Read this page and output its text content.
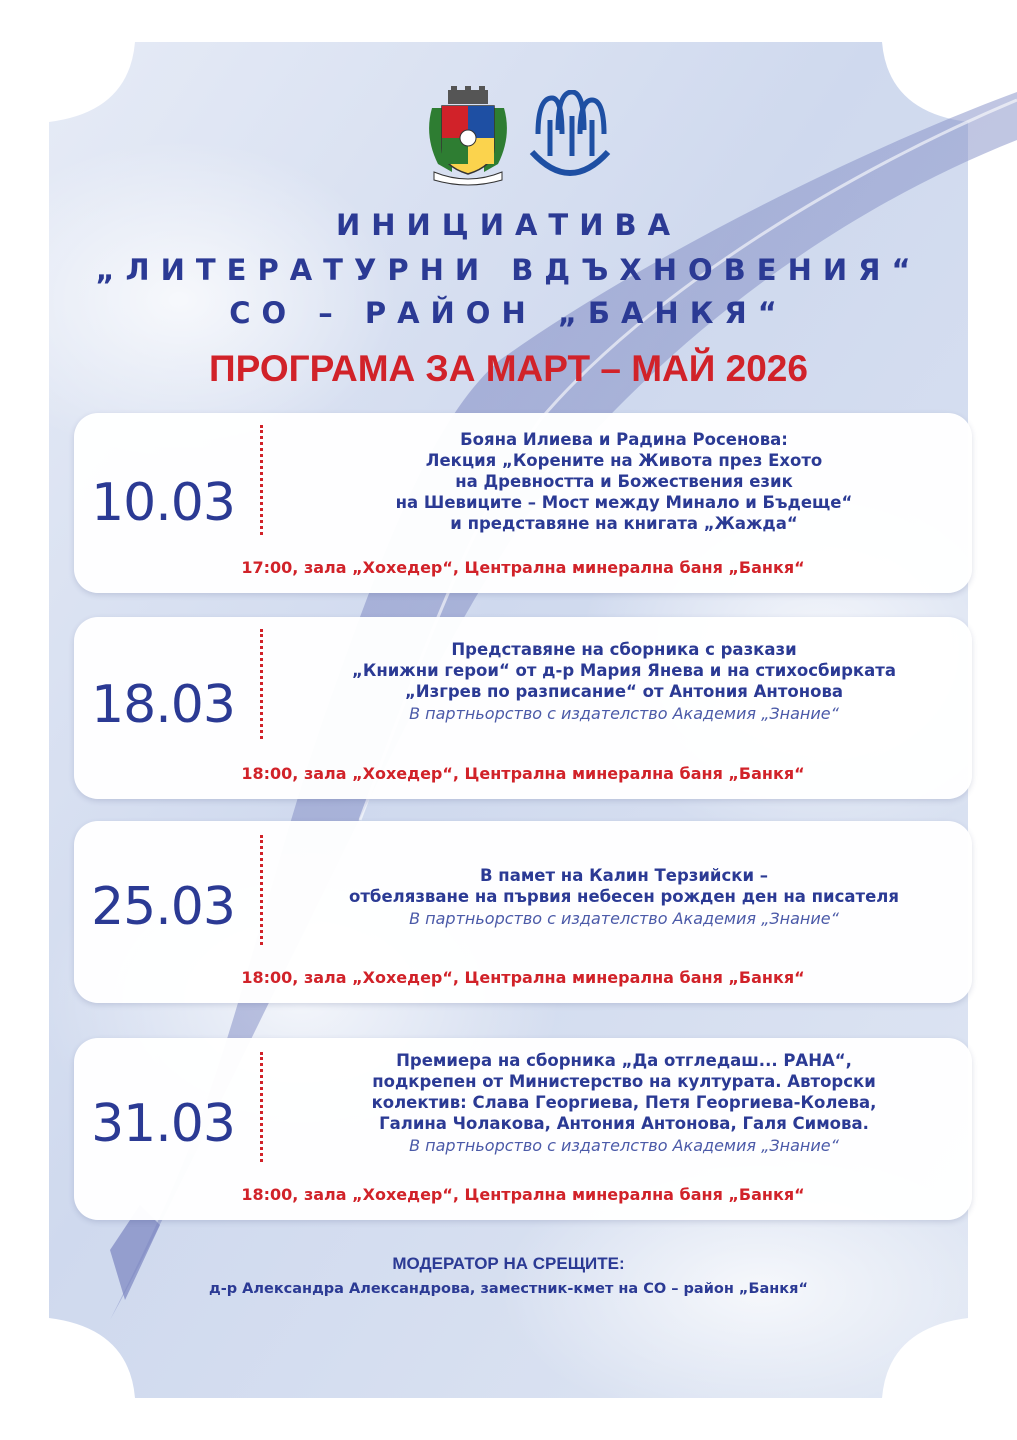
ИНИЦИАТИВА
„ЛИТЕРАТУРНИ ВДЪХНОВЕНИЯ“
СО – РАЙОН „БАНКЯ“
ПРОГРАМА ЗА МАРТ – МАЙ 2026
10.03
Бояна Илиева и Радина Росенова:
Лекция „Корените на Живота през Ехото
на Древността и Божествения език
на Шевиците – Мост между Минало и Бъдеще“
и представяне на книгата „Жажда“
17:00, зала „Хохедер“, Централна минерална баня „Банкя“
18.03
Представяне на сборника с разкази
„Книжни герои“ от д-р Мария Янева и на стихосбирката
„Изгрев по разписание“ от Антония Антонова
В партньорство с издателство Академия „Знание“
18:00, зала „Хохедер“, Централна минерална баня „Банкя“
25.03
В памет на Калин Терзийски –
отбелязване на първия небесен рожден ден на писателя
В партньорство с издателство Академия „Знание“
18:00, зала „Хохедер“, Централна минерална баня „Банкя“
31.03
Премиера на сборника „Да отгледаш... РАНА“,
подкрепен от Министерство на културата. Авторски
колектив: Слава Георгиева, Петя Георгиева-Колева,
Галина Чолакова, Антония Антонова, Галя Симова.
В партньорство с издателство Академия „Знание“
18:00, зала „Хохедер“, Централна минерална баня „Банкя“
МОДЕРАТОР НА СРЕЩИТЕ:
д-р Александра Александрова, заместник-кмет на СО – район „Банкя“
